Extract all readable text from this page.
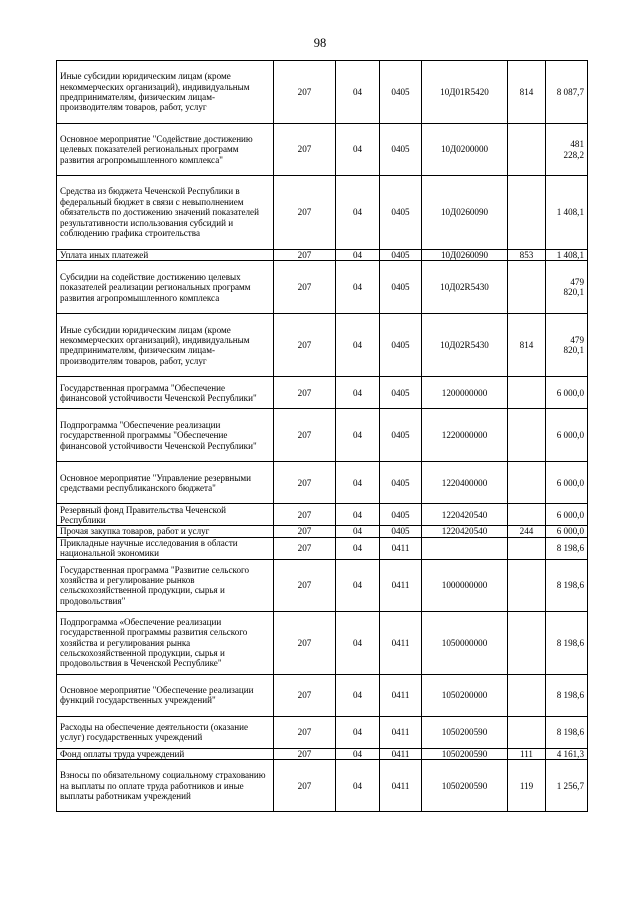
98
Иные субсидии юридическим лицам (кроме некоммерческих организаций), индивидуальным предпринимателям, физическим лицам-производителям товаров, работ, услуг	207	04	0405	10Д01R5420	814	8 087,7
Основное мероприятие "Содействие достижению целевых показателей региональных программ развития агропромышленного комплекса"	207	04	0405	10Д0200000		481 228,2
Средства из бюджета Чеченской Республики в федеральный бюджет в связи с невыполнением обязательств по достижению значений показателей результативности использования субсидий и соблюдению графика строительства	207	04	0405	10Д0260090		1 408,1
Уплата иных платежей	207	04	0405	10Д0260090	853	1 408,1
Субсидии на содействие достижению целевых показателей реализации региональных программ развития агропромышленного комплекса	207	04	0405	10Д02R5430		479 820,1
Иные субсидии юридическим лицам (кроме некоммерческих организаций), индивидуальным предпринимателям, физическим лицам-производителям товаров, работ, услуг	207	04	0405	10Д02R5430	814	479 820,1
Государственная программа "Обеспечение финансовой устойчивости Чеченской Республики"	207	04	0405	1200000000		6 000,0
Подпрограмма "Обеспечение реализации государственной программы "Обеспечение финансовой устойчивости Чеченской Республики"	207	04	0405	1220000000		6 000,0
Основное мероприятие "Управление резервными средствами республиканского бюджета"	207	04	0405	1220400000		6 000,0
Резервный фонд Правительства Чеченской Республики	207	04	0405	1220420540		6 000,0
Прочая закупка товаров, работ и услуг	207	04	0405	1220420540	244	6 000,0
Прикладные научные исследования в области национальной экономики	207	04	0411			8 198,6
Государственная программа "Развитие сельского хозяйства и регулирование рынков сельскохозяйственной продукции, сырья и продовольствия"	207	04	0411	1000000000		8 198,6
Подпрограмма «Обеспечение реализации государственной программы развития сельского хозяйства и регулирования рынка сельскохозяйственной продукции, сырья и продовольствия в Чеченской Республике"	207	04	0411	1050000000		8 198,6
Основное мероприятие "Обеспечение реализации функций государственных учреждений"	207	04	0411	1050200000		8 198,6
Расходы на обеспечение деятельности (оказание услуг) государственных учреждений	207	04	0411	1050200590		8 198,6
Фонд оплаты труда учреждений	207	04	0411	1050200590	111	4 161,3
Взносы по обязательному социальному страхованию на выплаты по оплате труда работников и иные выплаты работникам учреждений	207	04	0411	1050200590	119	1 256,7
